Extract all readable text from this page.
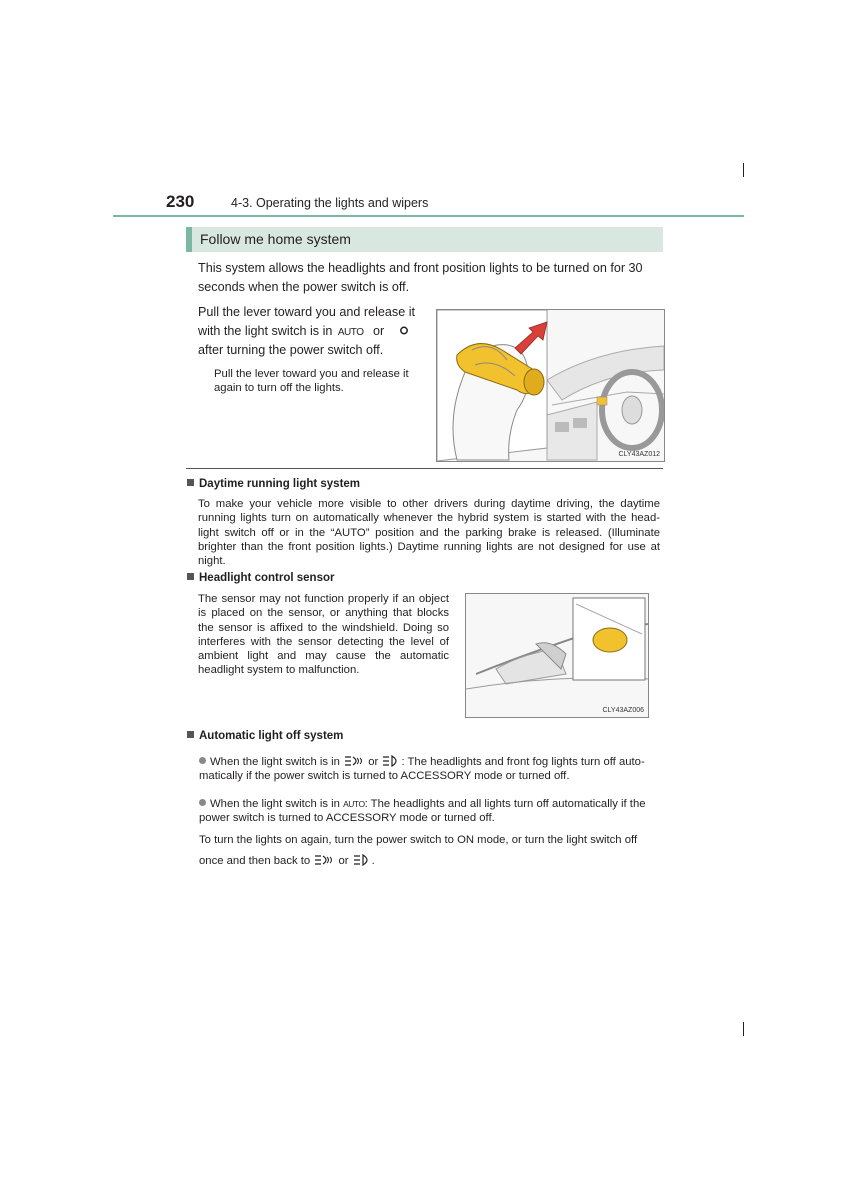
230	4-3. Operating the lights and wipers
Follow me home system
This system allows the headlights and front position lights to be turned on for 30 seconds when the power switch is off.
Pull the lever toward you and release it
with the light switch is in AUTO or
after turning the power switch off.
Pull the lever toward you and release it again to turn off the lights.
CLY43AZ012
Daytime running light system
To make your vehicle more visible to other drivers during daytime driving, the daytime running lights turn on automatically whenever the hybrid system is started with the head-light switch off or in the “AUTO” position and the parking brake is released. (Illuminate brighter than the front position lights.) Daytime running lights are not designed for use at night.
Headlight control sensor
The sensor may not function properly if an object is placed on the sensor, or anything that blocks the sensor is affixed to the windshield. Doing so interferes with the sensor detecting the level of ambient light and may cause the automatic headlight system to malfunction.
CLY43AZ006
Automatic light off system
When the light switch is in	or : The headlights and front fog lights turn off auto-matically if the power switch is turned to ACCESSORY mode or turned off.
When the light switch is in AUTO: The headlights and all lights turn off automatically if the power switch is turned to ACCESSORY mode or turned off.
To turn the lights on again, turn the power switch to ON mode, or turn the light switch off
once and then back to	or .
